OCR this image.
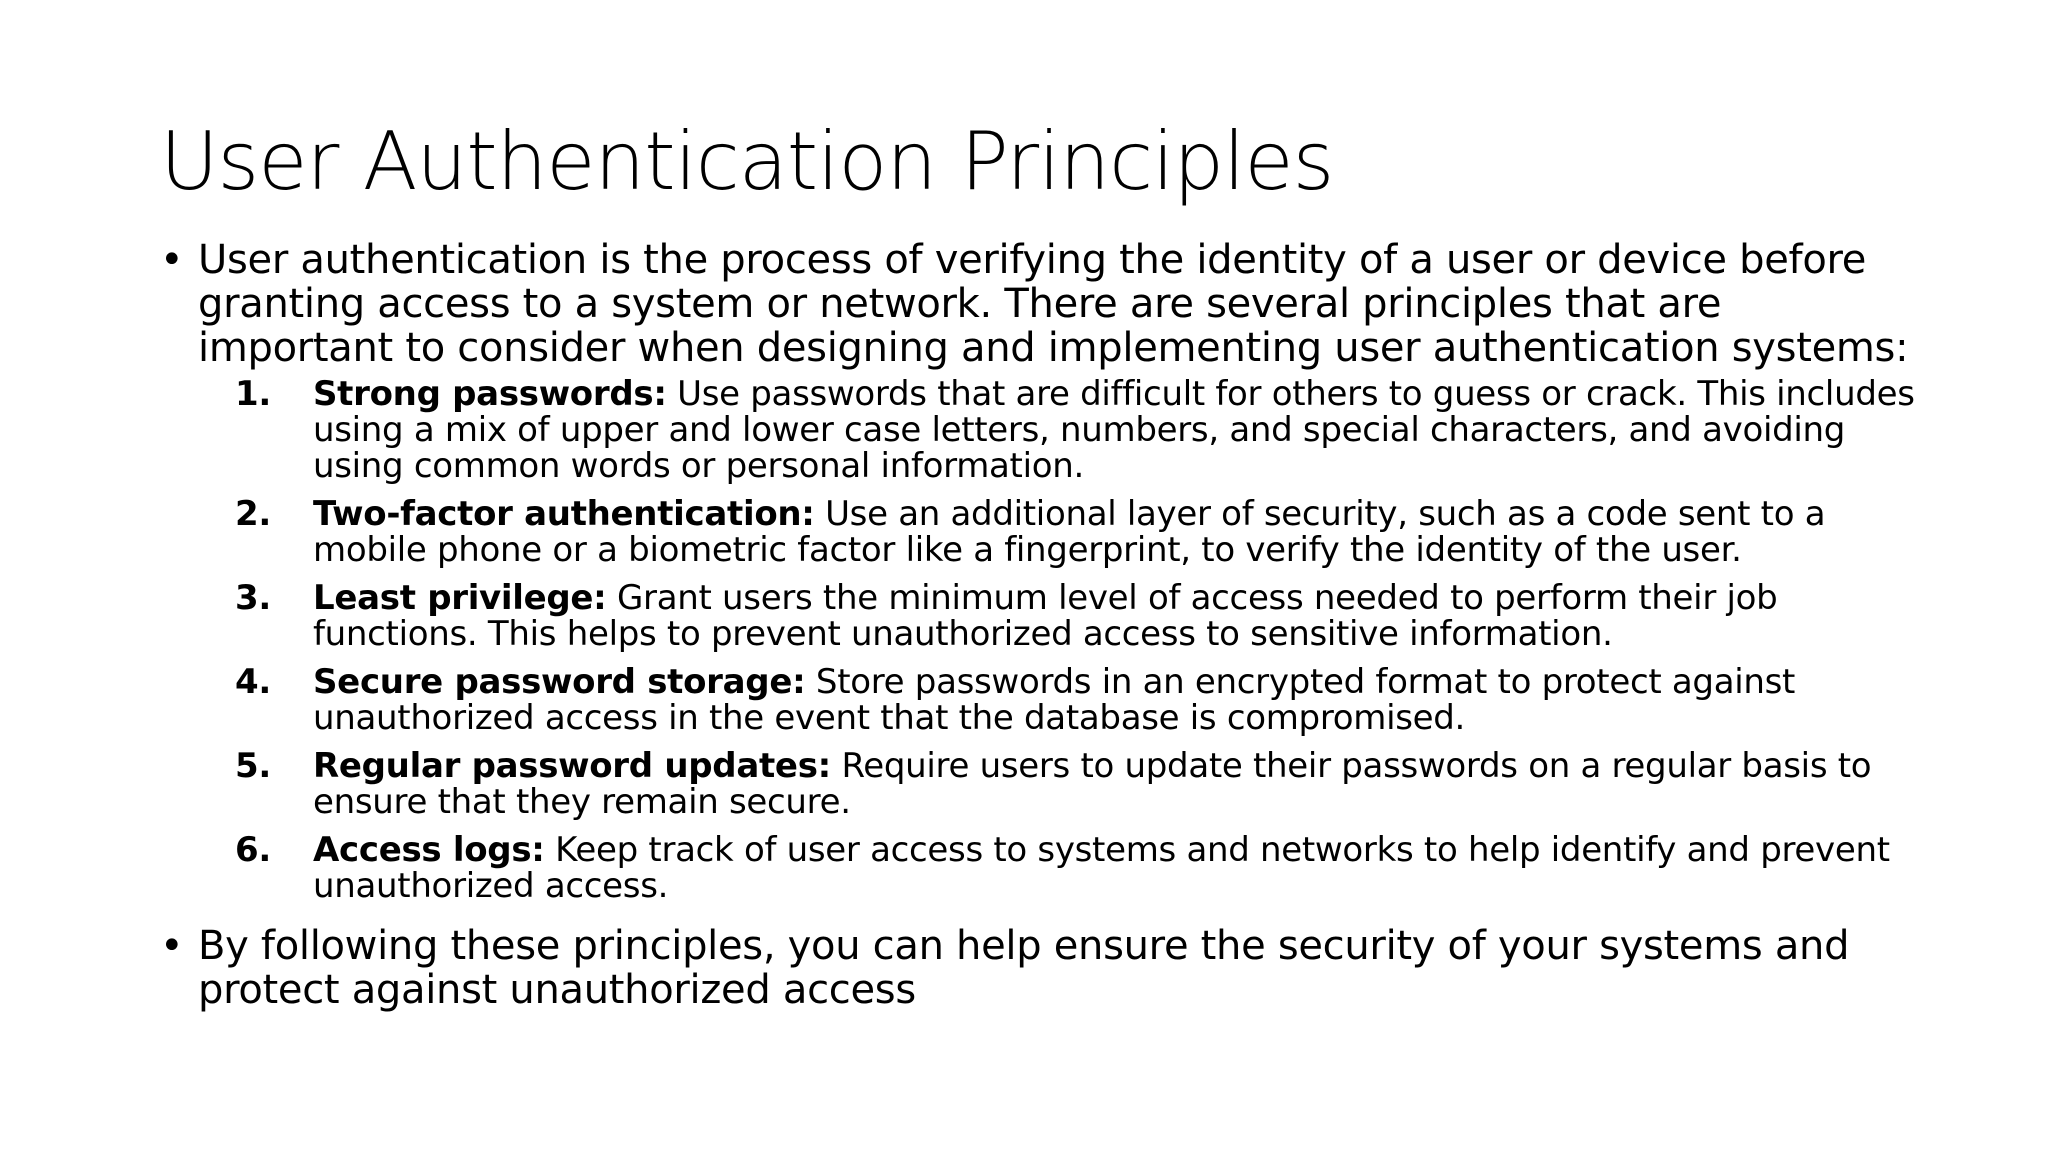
User Authentication Principles
• User authentication is the process of verifying the identity of a user or device before granting access to a system or network. There are several principles that are important to consider when designing and implementing user authentication systems:
1. Strong passwords: Use passwords that are difficult for others to guess or crack. This includes using a mix of upper and lower case letters, numbers, and special characters, and avoiding using common words or personal information.
2. Two-factor authentication: Use an additional layer of security, such as a code sent to a mobile phone or a biometric factor like a fingerprint, to verify the identity of the user.
3. Least privilege: Grant users the minimum level of access needed to perform their job functions. This helps to prevent unauthorized access to sensitive information.
4. Secure password storage: Store passwords in an encrypted format to protect against unauthorized access in the event that the database is compromised.
5. Regular password updates: Require users to update their passwords on a regular basis to ensure that they remain secure.
6. Access logs: Keep track of user access to systems and networks to help identify and prevent unauthorized access.
• By following these principles, you can help ensure the security of your systems and protect against unauthorized access
